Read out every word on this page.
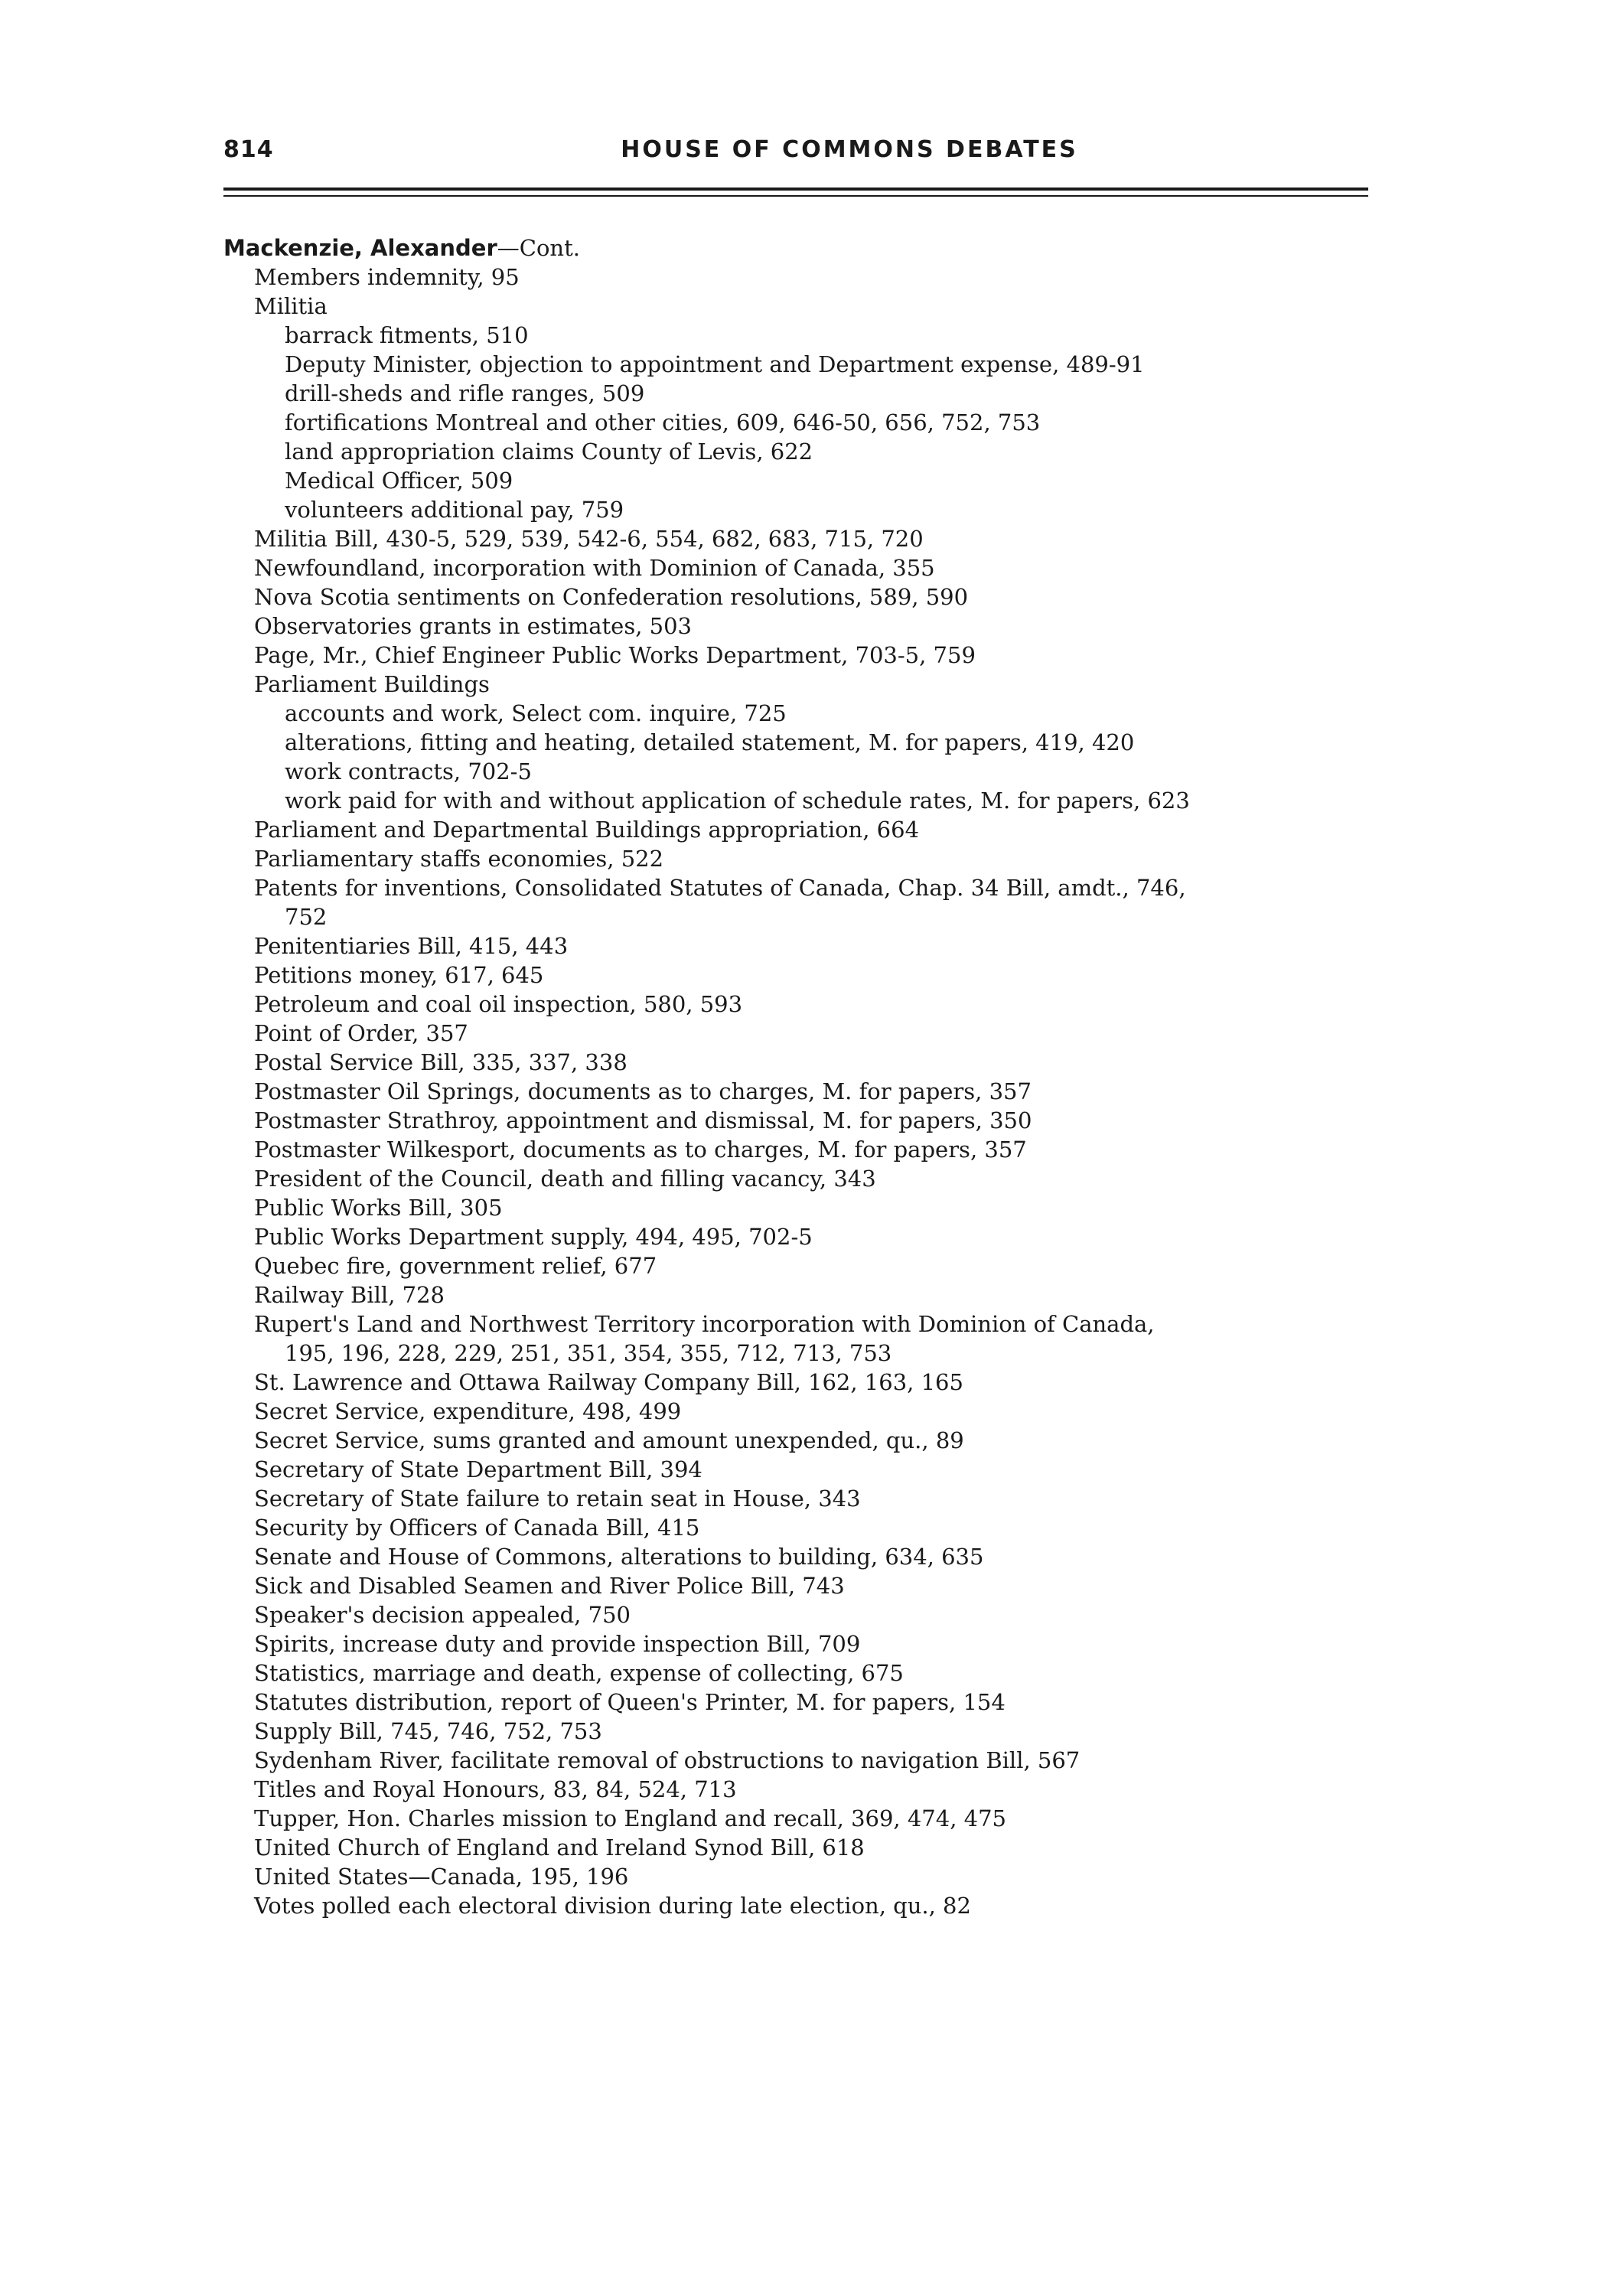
814	HOUSE OF COMMONS DEBATES
Mackenzie, Alexander—Cont.
Members indemnity, 95
Militia
barrack fitments, 510
Deputy Minister, objection to appointment and Department expense, 489-91
drill-sheds and rifle ranges, 509
fortifications Montreal and other cities, 609, 646-50, 656, 752, 753
land appropriation claims County of Levis, 622
Medical Officer, 509
volunteers additional pay, 759
Militia Bill, 430-5, 529, 539, 542-6, 554, 682, 683, 715, 720
Newfoundland, incorporation with Dominion of Canada, 355
Nova Scotia sentiments on Confederation resolutions, 589, 590
Observatories grants in estimates, 503
Page, Mr., Chief Engineer Public Works Department, 703-5, 759
Parliament Buildings
accounts and work, Select com. inquire, 725
alterations, fitting and heating, detailed statement, M. for papers, 419, 420
work contracts, 702-5
work paid for with and without application of schedule rates, M. for papers, 623
Parliament and Departmental Buildings appropriation, 664
Parliamentary staffs economies, 522
Patents for inventions, Consolidated Statutes of Canada, Chap. 34 Bill, amdt., 746,
752
Penitentiaries Bill, 415, 443
Petitions money, 617, 645
Petroleum and coal oil inspection, 580, 593
Point of Order, 357
Postal Service Bill, 335, 337, 338
Postmaster Oil Springs, documents as to charges, M. for papers, 357
Postmaster Strathroy, appointment and dismissal, M. for papers, 350
Postmaster Wilkesport, documents as to charges, M. for papers, 357
President of the Council, death and filling vacancy, 343
Public Works Bill, 305
Public Works Department supply, 494, 495, 702-5
Quebec fire, government relief, 677
Railway Bill, 728
Rupert's Land and Northwest Territory incorporation with Dominion of Canada,
195, 196, 228, 229, 251, 351, 354, 355, 712, 713, 753
St. Lawrence and Ottawa Railway Company Bill, 162, 163, 165
Secret Service, expenditure, 498, 499
Secret Service, sums granted and amount unexpended, qu., 89
Secretary of State Department Bill, 394
Secretary of State failure to retain seat in House, 343
Security by Officers of Canada Bill, 415
Senate and House of Commons, alterations to building, 634, 635
Sick and Disabled Seamen and River Police Bill, 743
Speaker's decision appealed, 750
Spirits, increase duty and provide inspection Bill, 709
Statistics, marriage and death, expense of collecting, 675
Statutes distribution, report of Queen's Printer, M. for papers, 154
Supply Bill, 745, 746, 752, 753
Sydenham River, facilitate removal of obstructions to navigation Bill, 567
Titles and Royal Honours, 83, 84, 524, 713
Tupper, Hon. Charles mission to England and recall, 369, 474, 475
United Church of England and Ireland Synod Bill, 618
United States—Canada, 195, 196
Votes polled each electoral division during late election, qu., 82
